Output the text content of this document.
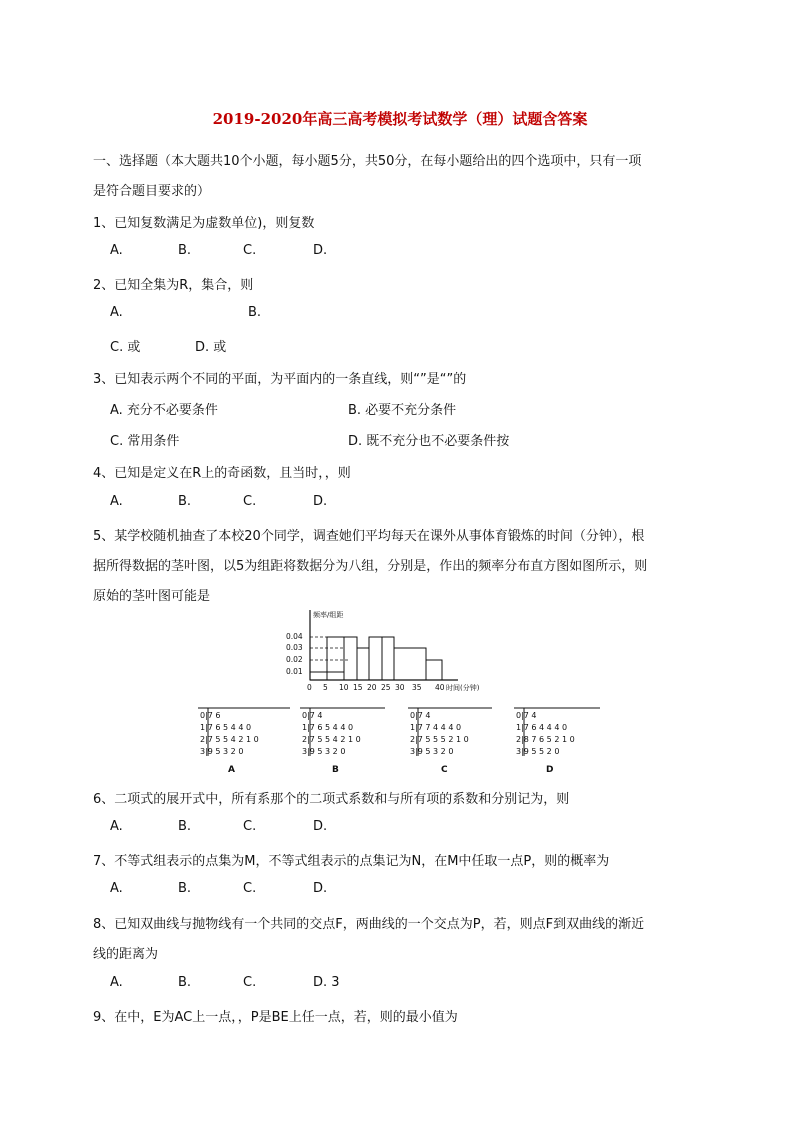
2019-2020年高三高考模拟考试数学（理）试题含答案
一、选择题（本大题共10个小题，每小题5分，共50分，在每小题给出的四个选项中，只有一项
是符合题目要求的）
1、已知复数满足为虚数单位)，则复数
A.	B.	C.	D.
2、已知全集为R，集合，则
A.	B.
C. 或	D. 或
3、已知表示两个不同的平面，为平面内的一条直线，则“”是“”的
A. 充分不必要条件	B. 必要不充分条件
C. 常用条件	D. 既不充分也不必要条件按
4、已知是定义在R上的奇函数，且当时，，则
A.	B.	C.	D.
5、某学校随机抽查了本校20个同学，调查她们平均每天在课外从事体育锻炼的时间（分钟），根
据所得数据的茎叶图，以5为组距将数据分为八组，分别是，作出的频率分布直方图如图所示，则
原始的茎叶图可能是
频率/组距
0.04
0.03
0.02
0.01
0 5 10 15 20 25 30 35 40 时间(分钟)
0|7 6
1|7 6 5 4 4 0
2|7 5 5 4 2 1 0
3|9 5 3 2 0
A
0|7 4
1|7 6 5 4 4 0
2|7 5 5 4 2 1 0
3|9 5 3 2 0
B
0|7 4
1|7 7 4 4 4 0
2|7 5 5 5 2 1 0
3|9 5 3 2 0
C
0|7 4
1|7 6 4 4 4 0
2|8 7 6 5 2 1 0
3|9 5 5 2 0
D
6、二项式的展开式中，所有系那个的二项式系数和与所有项的系数和分别记为，则
A.	B.	C.	D.
7、不等式组表示的点集为M，不等式组表示的点集记为N，在M中任取一点P，则的概率为
A.	B.	C.	D.
8、已知双曲线与抛物线有一个共同的交点F，两曲线的一个交点为P，若，则点F到双曲线的渐近
线的距离为
A.	B.	C.	D. 3
9、在中，E为AC上一点，，P是BE上任一点，若，则的最小值为
